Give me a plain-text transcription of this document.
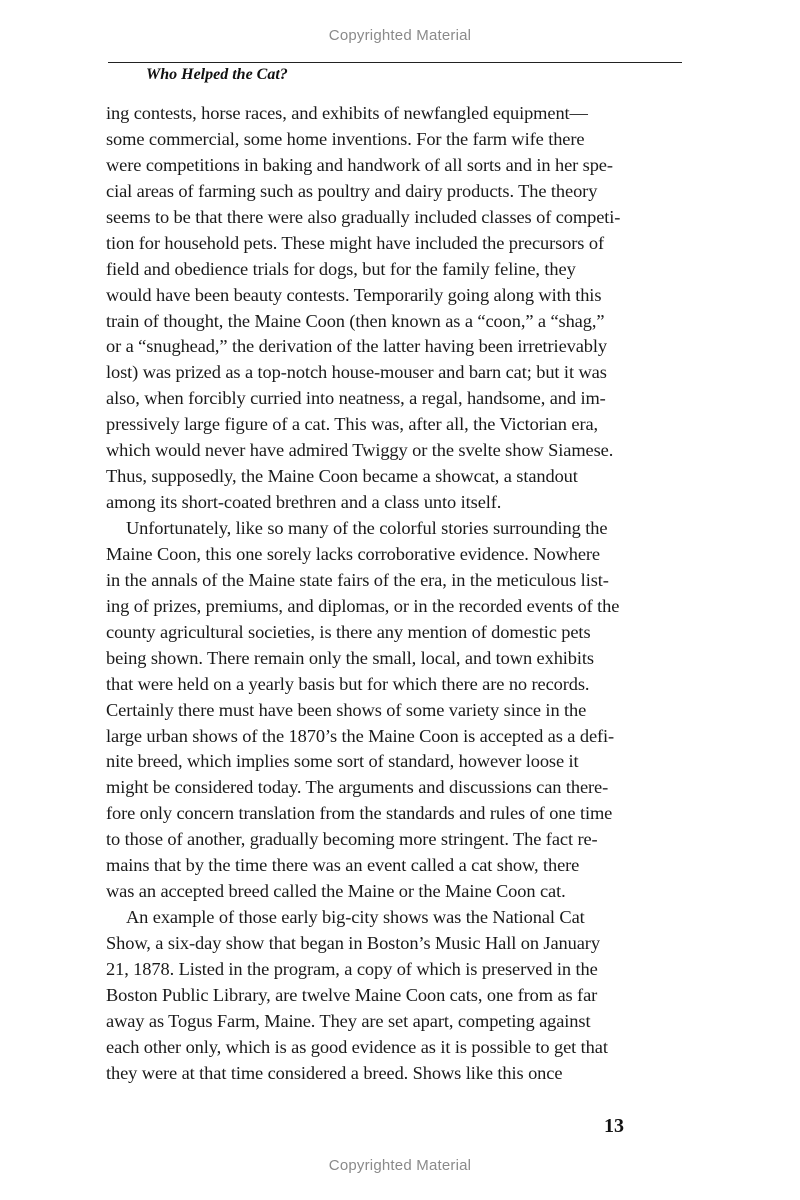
Copyrighted Material
Who Helped the Cat?
ing contests, horse races, and exhibits of newfangled equipment—
some commercial, some home inventions. For the farm wife there
were competitions in baking and handwork of all sorts and in her spe-
cial areas of farming such as poultry and dairy products. The theory
seems to be that there were also gradually included classes of competi-
tion for household pets. These might have included the precursors of
field and obedience trials for dogs, but for the family feline, they
would have been beauty contests. Temporarily going along with this
train of thought, the Maine Coon (then known as a “coon,” a “shag,”
or a “snughead,” the derivation of the latter having been irretrievably
lost) was prized as a top-notch house-mouser and barn cat; but it was
also, when forcibly curried into neatness, a regal, handsome, and im-
pressively large figure of a cat. This was, after all, the Victorian era,
which would never have admired Twiggy or the svelte show Siamese.
Thus, supposedly, the Maine Coon became a showcat, a standout
among its short-coated brethren and a class unto itself.
Unfortunately, like so many of the colorful stories surrounding the
Maine Coon, this one sorely lacks corroborative evidence. Nowhere
in the annals of the Maine state fairs of the era, in the meticulous list-
ing of prizes, premiums, and diplomas, or in the recorded events of the
county agricultural societies, is there any mention of domestic pets
being shown. There remain only the small, local, and town exhibits
that were held on a yearly basis but for which there are no records.
Certainly there must have been shows of some variety since in the
large urban shows of the 1870’s the Maine Coon is accepted as a defi-
nite breed, which implies some sort of standard, however loose it
might be considered today. The arguments and discussions can there-
fore only concern translation from the standards and rules of one time
to those of another, gradually becoming more stringent. The fact re-
mains that by the time there was an event called a cat show, there
was an accepted breed called the Maine or the Maine Coon cat.
An example of those early big-city shows was the National Cat
Show, a six-day show that began in Boston’s Music Hall on January
21, 1878. Listed in the program, a copy of which is preserved in the
Boston Public Library, are twelve Maine Coon cats, one from as far
away as Togus Farm, Maine. They are set apart, competing against
each other only, which is as good evidence as it is possible to get that
they were at that time considered a breed. Shows like this once
13
Copyrighted Material
